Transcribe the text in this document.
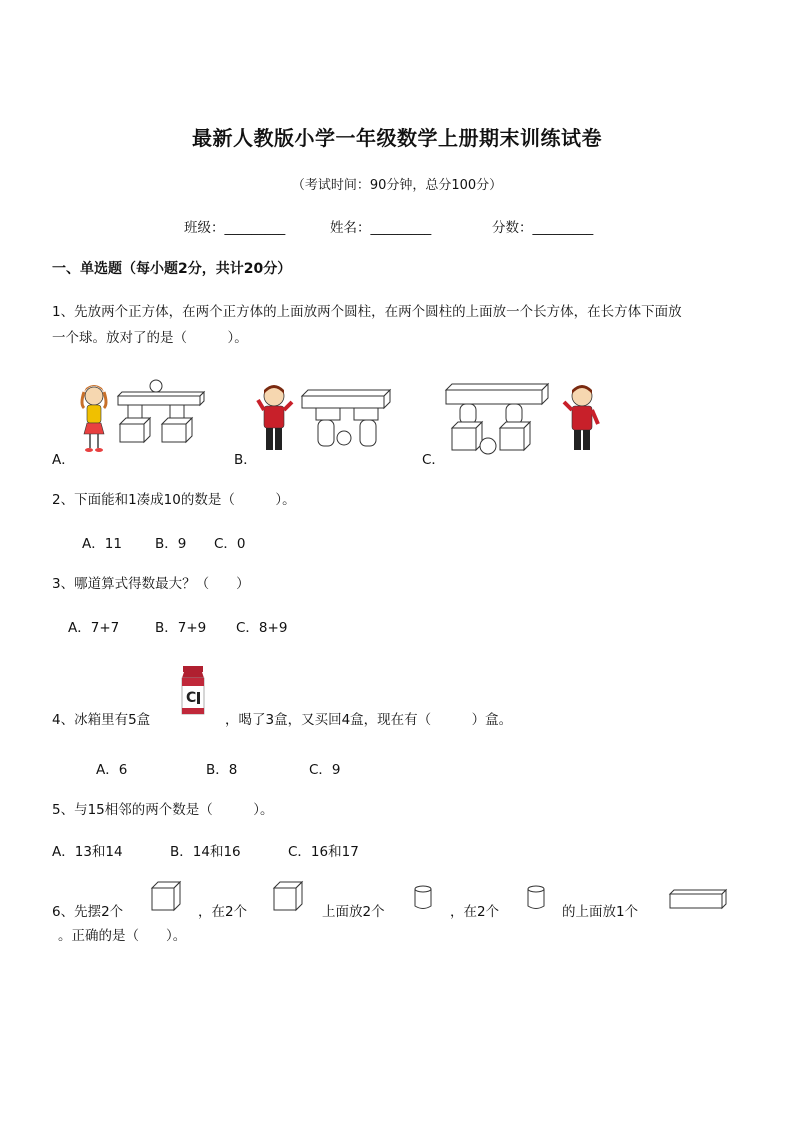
最新人教版小学一年级数学上册期末训练试卷
（考试时间：90分钟，总分100分）
班级：_________	姓名：_________	分数：_________
一、单选题（每小题2分，共计20分）
1、先放两个正方体，在两个正方体的上面放两个圆柱，在两个圆柱的上面放一个长方体，在长方体下面放
一个球。放对了的是（　　　）。
A．	B．	C．
2、下面能和1凑成10的数是（　　　）。
A．11 B．9 C．0
3、哪道算式得数最大？（　　）
A．7+7	B．7+9 C．8+9
4、冰箱里有5盒
C
，喝了3盒，又买回4盒，现在有（　　　）盒。
A．6	B．8	C．9
5、与15相邻的两个数是（　　　）。
A．13和14	B．14和16	C．16和17
6、先摆2个	，在2个	上面放2个	，在2个	的上面放1个
。正确的是（　　）。
